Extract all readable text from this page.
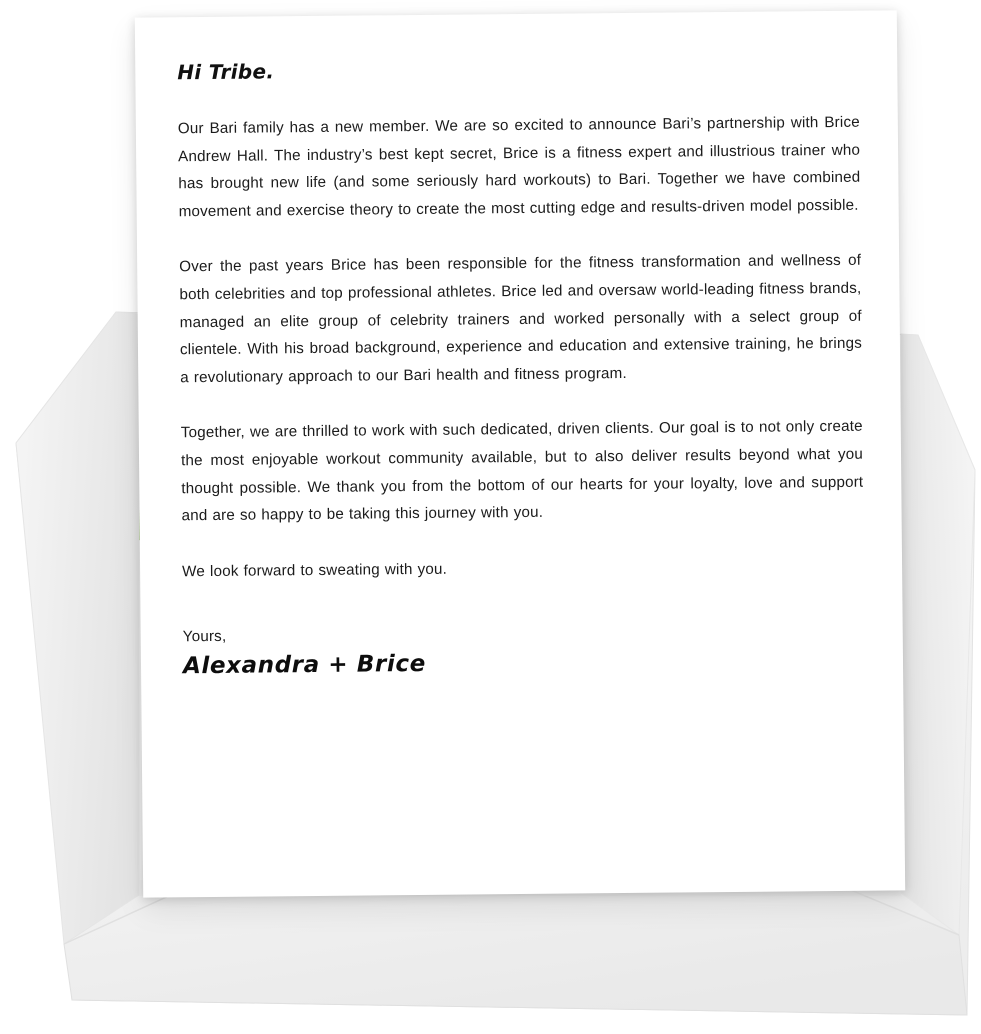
Hi Tribe.

Our Bari family has a new member. We are so excited to announce Bari’s partnership with Brice Andrew Hall. The industry’s best kept secret, Brice is a fitness expert and illustrious trainer who has brought new life (and some seriously hard workouts) to Bari. Together we have combined movement and exercise theory to create the most cutting edge and results-driven model possible.

Over the past years Brice has been responsible for the fitness transformation and wellness of both celebrities and top professional athletes. Brice led and oversaw world-leading fitness brands, managed an elite group of celebrity trainers and worked personally with a select group of clientele. With his broad background, experience and education and extensive training, he brings a revolutionary approach to our Bari health and fitness program.

Together, we are thrilled to work with such dedicated, driven clients. Our goal is to not only create the most enjoyable workout community available, but to also deliver results beyond what you thought possible. We thank you from the bottom of our hearts for your loyalty, love and support and are so happy to be taking this journey with you.

We look forward to sweating with you.

Yours,

Alexandra + Brice
